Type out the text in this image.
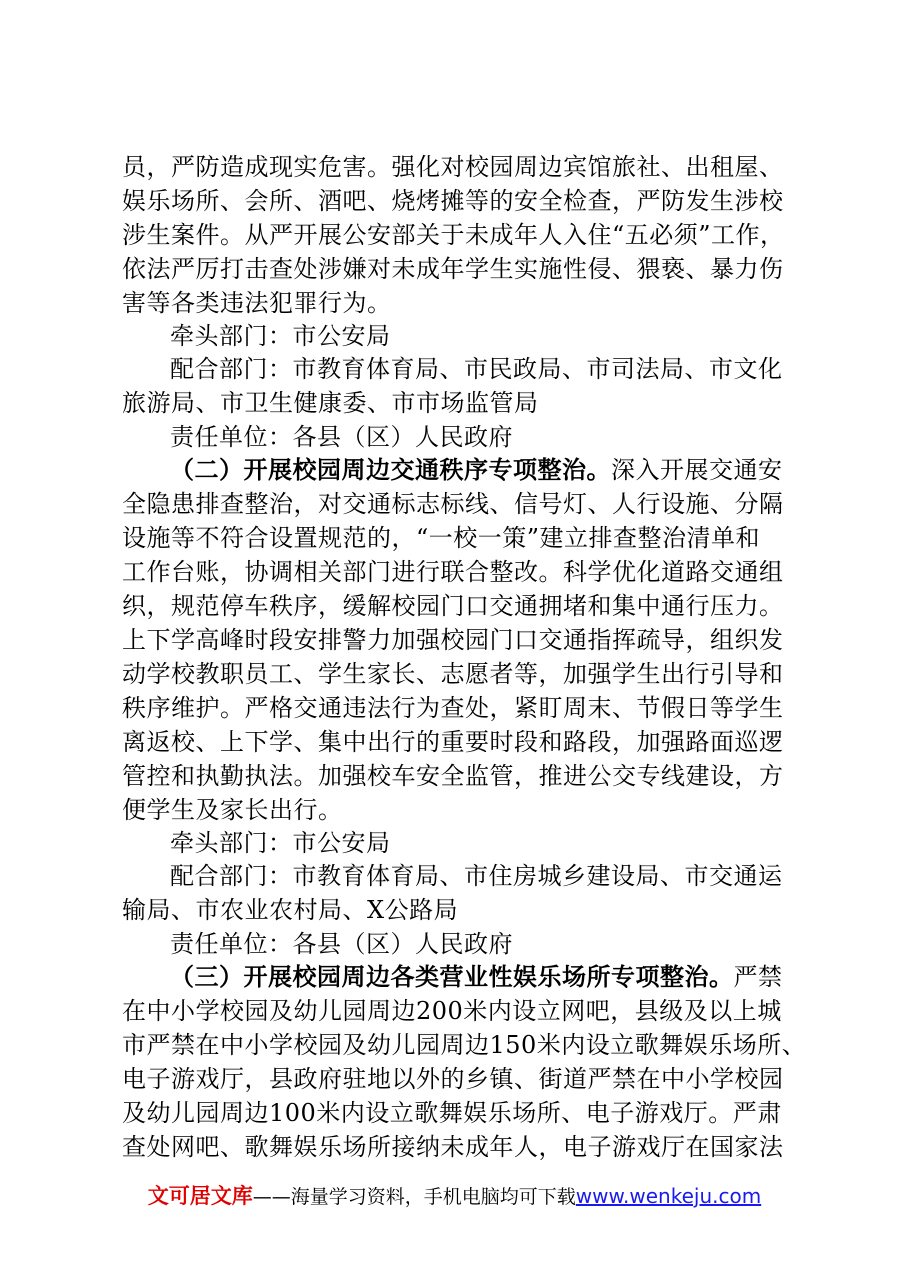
员，严防造成现实危害。强化对校园周边宾馆旅社、出租屋、
娱乐场所、会所、酒吧、烧烤摊等的安全检查，严防发生涉校
涉生案件。从严开展公安部关于未成年人入住“五必须”工作，
依法严厉打击查处涉嫌对未成年学生实施性侵、猥亵、暴力伤
害等各类违法犯罪行为。
牵头部门：市公安局
配合部门：市教育体育局、市民政局、市司法局、市文化
旅游局、市卫生健康委、市市场监管局
责任单位：各县（区）人民政府
（二）开展校园周边交通秩序专项整治。深入开展交通安
全隐患排查整治，对交通标志标线、信号灯、人行设施、分隔
设施等不符合设置规范的，“一校一策”建立排查整治清单和
工作台账，协调相关部门进行联合整改。科学优化道路交通组
织，规范停车秩序，缓解校园门口交通拥堵和集中通行压力。
上下学高峰时段安排警力加强校园门口交通指挥疏导，组织发
动学校教职员工、学生家长、志愿者等，加强学生出行引导和
秩序维护。严格交通违法行为查处，紧盯周末、节假日等学生
离返校、上下学、集中出行的重要时段和路段，加强路面巡逻
管控和执勤执法。加强校车安全监管，推进公交专线建设，方
便学生及家长出行。
牵头部门：市公安局
配合部门：市教育体育局、市住房城乡建设局、市交通运
输局、市农业农村局、X公路局
责任单位：各县（区）人民政府
（三）开展校园周边各类营业性娱乐场所专项整治。严禁
在中小学校园及幼儿园周边200米内设立网吧，县级及以上城
市严禁在中小学校园及幼儿园周边150米内设立歌舞娱乐场所、
电子游戏厅，县政府驻地以外的乡镇、街道严禁在中小学校园
及幼儿园周边100米内设立歌舞娱乐场所、电子游戏厅。严肃
查处网吧、歌舞娱乐场所接纳未成年人，电子游戏厅在国家法
文可居文库——海量学习资料，手机电脑均可下载www.wenkeju.com
